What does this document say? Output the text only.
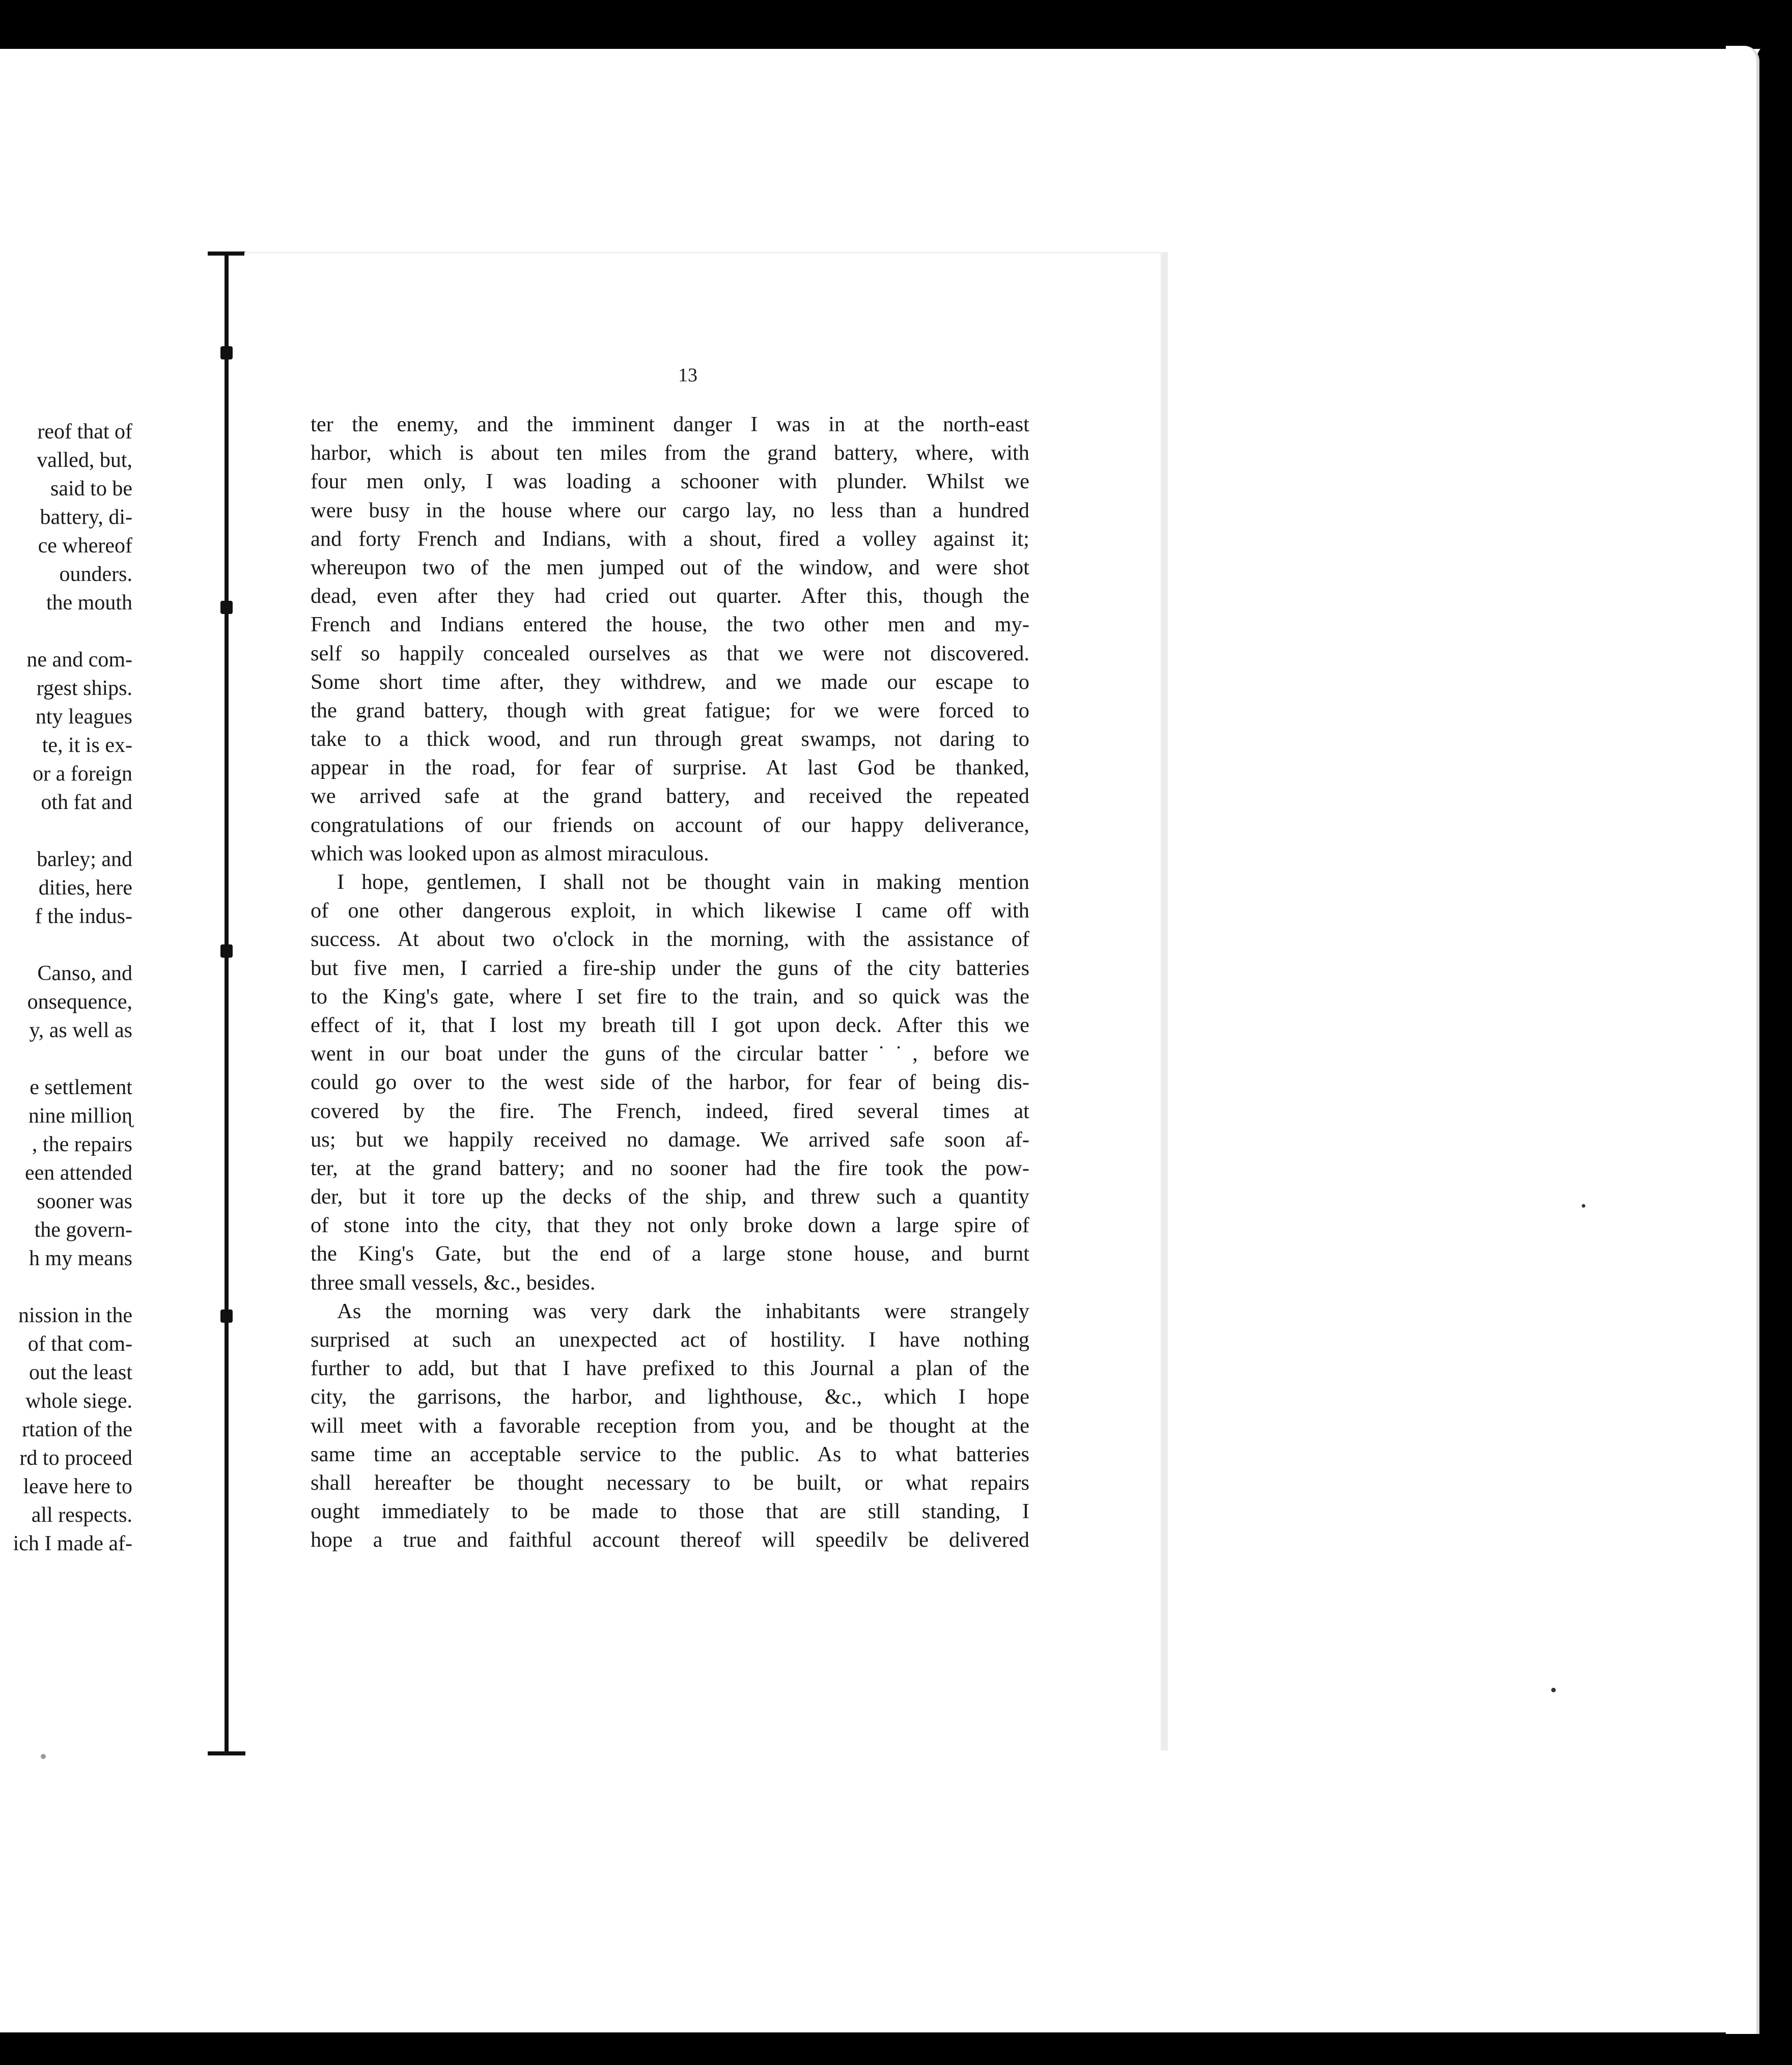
reof that of
valled, but,
said to be
battery, di-
ce whereof
ounders.
the mouth
ne and com-
rgest ships.
nty leagues
te, it is ex-
or a foreign
oth fat and
barley; and
dities, here
f the indus-
Canso, and
onsequence,
y, as well as
e settlement
nine millioɳ
, the repairs
een attended
sooner was
the govern-
h my means
nission in the
of that com-
out the least
whole siege.
rtation of the
rd to proceed
leave here to
all respects.
ich I made af-
13

ter the enemy, and the imminent danger I was in at the north-east
harbor, which is about ten miles from the grand battery, where, with
four men only, I was loading a schooner with plunder. Whilst we
were busy in the house where our cargo lay, no less than a hundred
and forty French and Indians, with a shout, fired a volley against it;
whereupon two of the men jumped out of the window, and were shot
dead, even after they had cried out quarter. After this, though the
French and Indians entered the house, the two other men and my-
self so happily concealed ourselves as that we were not discovered.
Some short time after, they withdrew, and we made our escape to
the grand battery, though with great fatigue; for we were forced to
take to a thick wood, and run through great swamps, not daring to
appear in the road, for fear of surprise. At last God be thanked,
we arrived safe at the grand battery, and received the repeated
congratulations of our friends on account of our happy deliverance,
which was looked upon as almost miraculous.

I hope, gentlemen, I shall not be thought vain in making mention
of one other dangerous exploit, in which likewise I came off with
success. At about two o'clock in the morning, with the assistance of
but five men, I carried a fire-ship under the guns of the city batteries
to the King's gate, where I set fire to the train, and so quick was the
effect of it, that I lost my breath till I got upon deck. After this we
went in our boat under the guns of the circular batter˙˙, before we
could go over to the west side of the harbor, for fear of being dis-
covered by the fire. The French, indeed, fired several times at
us; but we happily received no damage. We arrived safe soon af-
ter, at the grand battery; and no sooner had the fire took the pow-
der, but it tore up the decks of the ship, and threw such a quantity
of stone into the city, that they not only broke down a large spire of
the King's Gate, but the end of a large stone house, and burnt
three small vessels, &c., besides.

As the morning was very dark the inhabitants were strangely
surprised at such an unexpected act of hostility. I have nothing
further to add, but that I have prefixed to this Journal a plan of the
city, the garrisons, the harbor, and lighthouse, &c., which I hope
will meet with a favorable reception from you, and be thought at the
same time an acceptable service to the public. As to what batteries
shall hereafter be thought necessary to be built, or what repairs
ought immediately to be made to those that are still standing, I
hope a true and faithful account thereof will speedilv be delivered
